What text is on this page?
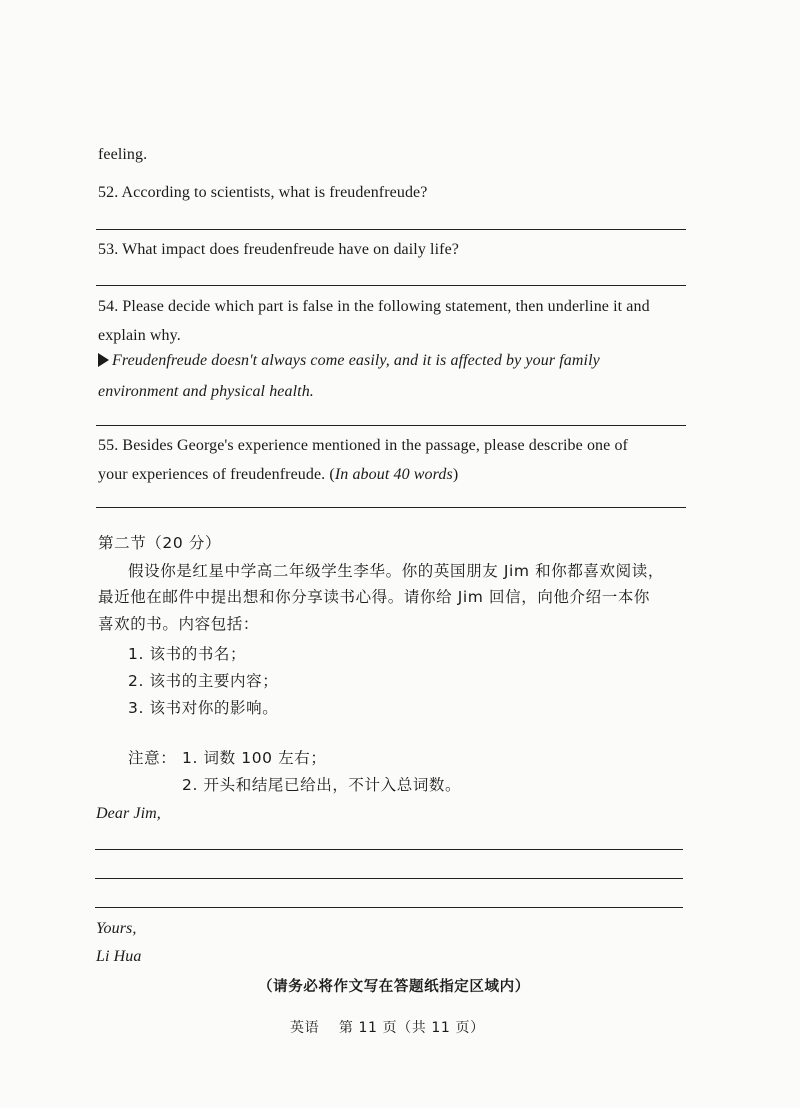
feeling.
52. According to scientists, what is freudenfreude?
53. What impact does freudenfreude have on daily life?
54. Please decide which part is false in the following statement, then underline it and
explain why.
Freudenfreude doesn't always come easily, and it is affected by your family
environment and physical health.
55. Besides George's experience mentioned in the passage, please describe one of
your experiences of freudenfreude. (In about 40 words)
第二节（20 分）
假设你是红星中学高二年级学生李华。你的英国朋友 Jim 和你都喜欢阅读，
最近他在邮件中提出想和你分享读书心得。请你给 Jim 回信，向他介绍一本你
喜欢的书。内容包括：
1. 该书的书名；
2. 该书的主要内容；
3. 该书对你的影响。
注意： 1. 词数 100 左右；
2. 开头和结尾已给出，不计入总词数。
Dear Jim,
Yours,
Li Hua
（请务必将作文写在答题纸指定区域内）
英语　 第 11 页（共 11 页）
